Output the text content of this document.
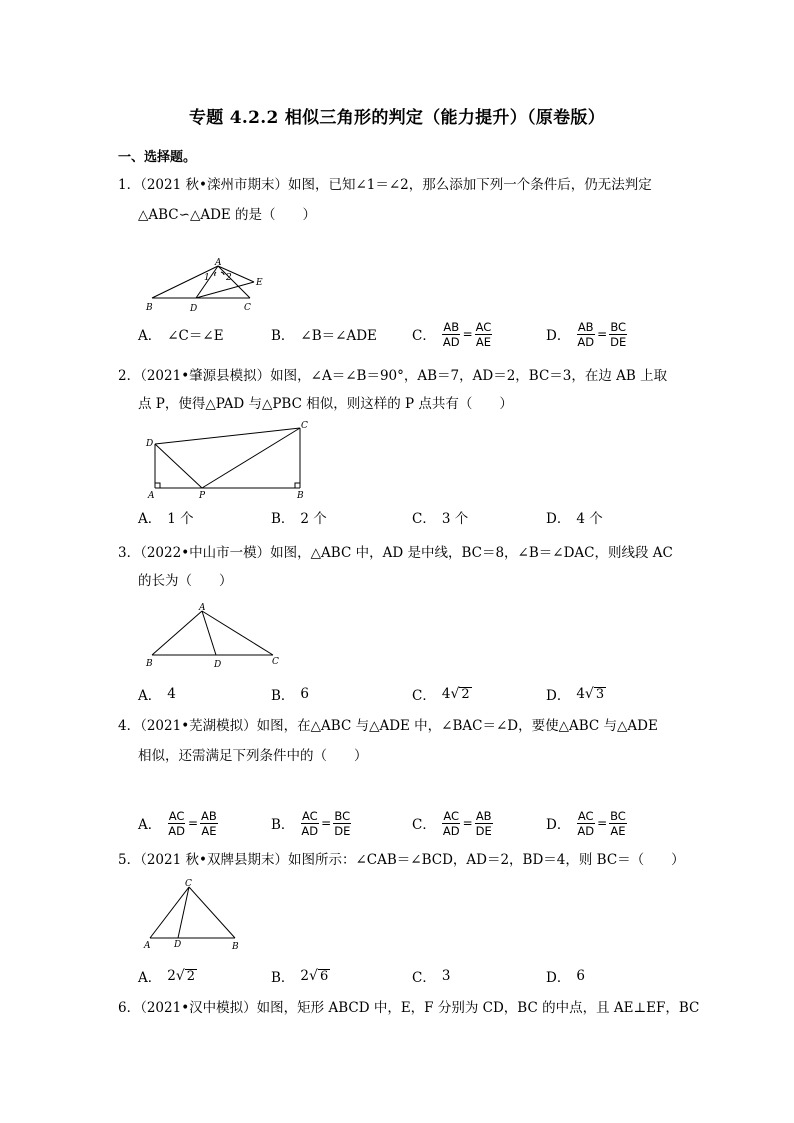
专题 4.2.2 相似三角形的判定（能力提升）（原卷版）
一、选择题。
1．（2021 秋•滦州市期末）如图，已知∠1＝∠2，那么添加下列一个条件后，仍无法判定
△ABC∽△ADE 的是（　　）
A
B	C
D
E
1 2
A． ∠C＝∠E	B． ∠B＝∠ADE	C． $\frac{AB}{AD} = \frac{AC}{AE}$	D． $\frac{AB}{AD} = \frac{BC}{DE}$
2．（2021•肇源县模拟）如图，∠A＝∠B＝90°，AB＝7，AD＝2，BC＝3，在边 AB 上取
点 P，使得△PAD 与△PBC 相似，则这样的 P 点共有（　　）
D
A	P	B
C
A． 1 个	B． 2 个	C． 3 个	D． 4 个
3．（2022•中山市一模）如图，△ABC 中，AD 是中线，BC＝8，∠B＝∠DAC，则线段 AC
的长为（　　）
A
B	D	C
A． 4	B． 6	C． 4 √ 2	D． 4 √ 3
4．（2021•芜湖模拟）如图，在△ABC 与△ADE 中，∠BAC＝∠D，要使△ABC 与△ADE
相似，还需满足下列条件中的（　　）
A． $\frac{AC}{AD} = \frac{AB}{AE}$	B． $\frac{AC}{AD} = \frac{BC}{DE}$	C． $\frac{AC}{AD} = \frac{AB}{DE}$	D． $\frac{AC}{AD} = \frac{BC}{AE}$
5．（2021 秋•双牌县期末）如图所示：∠CAB＝∠BCD，AD＝2，BD＝4，则 BC＝（　　）
C
A	D	B
A． 2 √ 2	B． 2 √ 6	C． 3	D． 6
6．（2021•汉中模拟）如图，矩形 ABCD 中，E，F 分别为 CD，BC 的中点，且 AE⊥EF，BC
